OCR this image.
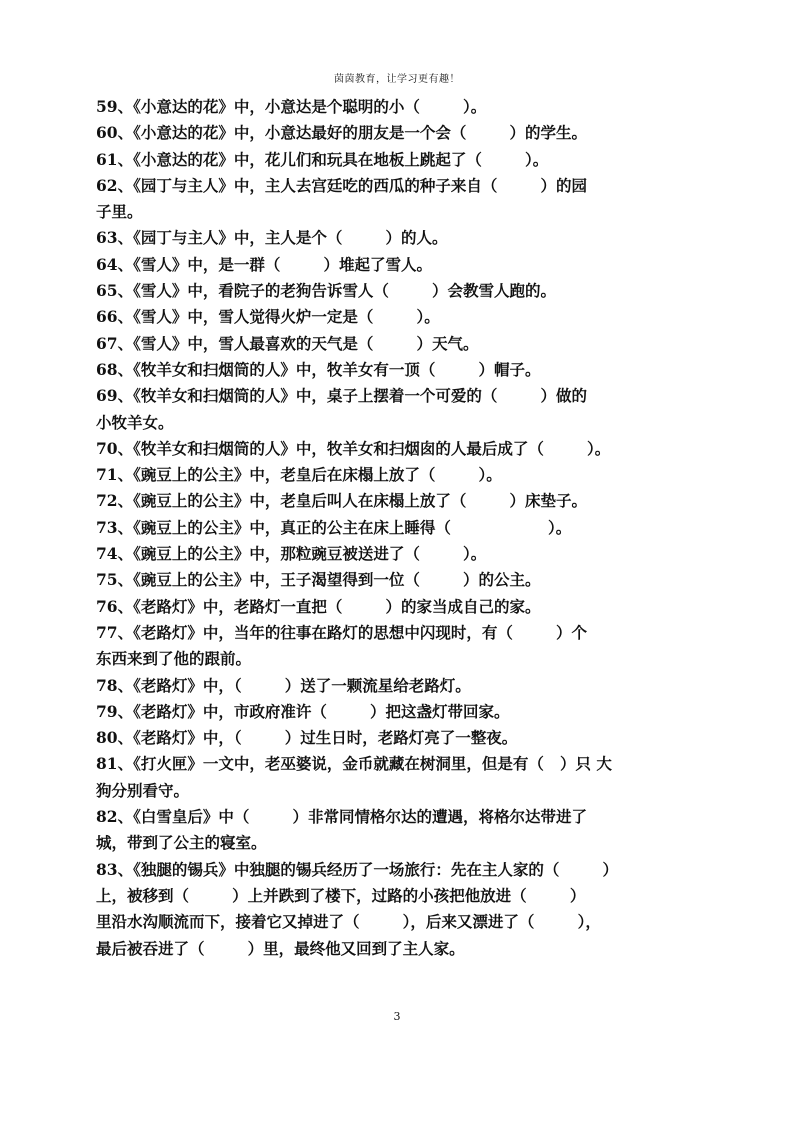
茵茵教育，让学习更有趣！

59、《小意达的花》中，小意达是个聪明的小（        ）。

60、《小意达的花》中，小意达最好的朋友是一个会（        ）的学生。

61、《小意达的花》中，花儿们和玩具在地板上跳起了（        ）。

62、《园丁与主人》中，主人去宫廷吃的西瓜的种子来自（        ）的园
子里。

63、《园丁与主人》中，主人是个（        ）的人。

64、《雪人》中，是一群（        ）堆起了雪人。

65、《雪人》中，看院子的老狗告诉雪人（        ）会教雪人跑的。

66、《雪人》中，雪人觉得火炉一定是（        ）。

67、《雪人》中，雪人最喜欢的天气是（        ）天气。

68、《牧羊女和扫烟筒的人》中，牧羊女有一顶（        ）帽子。

69、《牧羊女和扫烟筒的人》中，桌子上摆着一个可爱的（        ）做的
小牧羊女。

70、《牧羊女和扫烟筒的人》中，牧羊女和扫烟囱的人最后成了（        ）。

71、《豌豆上的公主》中，老皇后在床榻上放了（        ）。

72、《豌豆上的公主》中，老皇后叫人在床榻上放了（        ）床垫子。

73、《豌豆上的公主》中，真正的公主在床上睡得（                  ）。

74、《豌豆上的公主》中，那粒豌豆被送进了（        ）。

75、《豌豆上的公主》中，王子渴望得到一位（        ）的公主。

76、《老路灯》中，老路灯一直把（        ）的家当成自己的家。

77、《老路灯》中，当年的往事在路灯的思想中闪现时，有（        ）个
东西来到了他的跟前。

78、《老路灯》中，（        ）送了一颗流星给老路灯。

79、《老路灯》中，市政府准许（        ）把这盏灯带回家。

80、《老路灯》中，（        ）过生日时，老路灯亮了一整夜。

81、《打火匣》一文中，老巫婆说，金币就藏在树洞里，但是有（   ）只 大
狗分别看守。

82、《白雪皇后》中（        ）非常同情格尔达的遭遇，将格尔达带进了
城，带到了公主的寝室。

83、《独腿的锡兵》中独腿的锡兵经历了一场旅行：先在主人家的（        ）
上，被移到（        ）上并跌到了楼下，过路的小孩把他放进（        ）
里沿水沟顺流而下，接着它又掉进了（        ），后来又漂进了（        ），
最后被吞进了（        ）里，最终他又回到了主人家。

3
